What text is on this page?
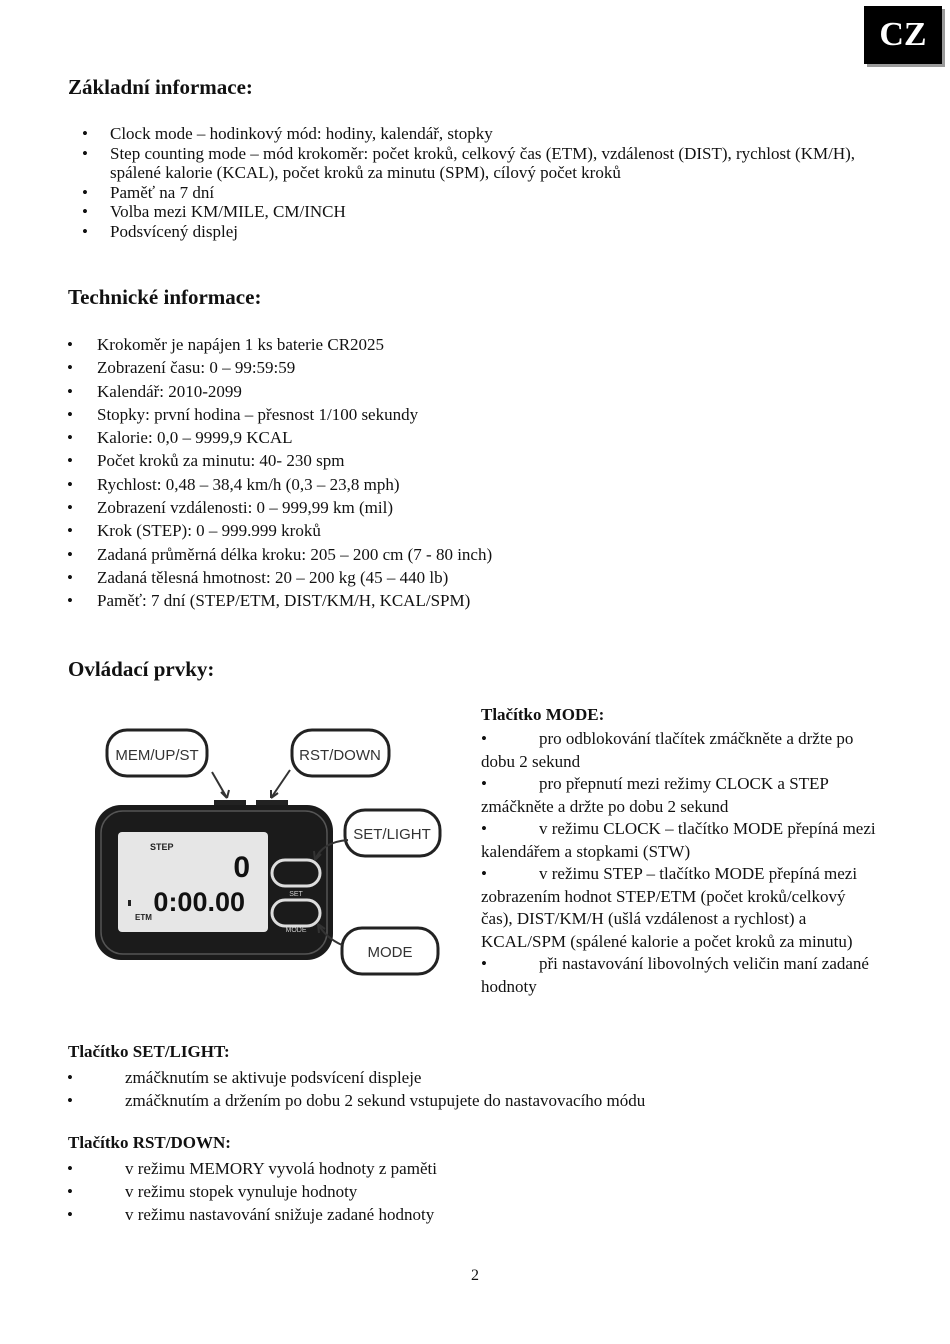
CZ
Základní informace:
• Clock mode – hodinkový mód: hodiny, kalendář, stopky
• Step counting mode – mód krokoměr: počet kroků, celkový čas (ETM), vzdálenost (DIST), rychlost (KM/H), spálené kalorie (KCAL), počet kroků za minutu (SPM), cílový počet kroků
• Paměť na 7 dní
• Volba mezi KM/MILE, CM/INCH
• Podsvícený displej
Technické informace:
• Krokoměr je napájen 1 ks baterie CR2025
• Zobrazení času: 0 – 99:59:59
• Kalendář: 2010-2099
• Stopky: první hodina – přesnost 1/100 sekundy
• Kalorie: 0,0 – 9999,9 KCAL
• Počet kroků za minutu: 40- 230 spm
• Rychlost: 0,48 – 38,4 km/h (0,3 – 23,8 mph)
• Zobrazení vzdálenosti: 0 – 999,99 km (mil)
• Krok (STEP): 0 – 999.999 kroků
• Zadaná průměrná délka kroku: 205 – 200 cm (7 - 80 inch)
• Zadaná tělesná hmotnost: 20 – 200 kg (45 – 440 lb)
• Paměť: 7 dní (STEP/ETM, DIST/KM/H, KCAL/SPM)
Ovládací prvky:
MEM/UP/ST	RST/DOWN
STEP
0
0:00.00
ETM
SET
MODE
SET/LIGHT
MODE
Tlačítko MODE:
•	pro odblokování tlačítek zmáčkněte a držte po dobu 2 sekund
•	pro přepnutí mezi režimy CLOCK a STEP zmáčkněte a držte po dobu 2 sekund
•	v režimu CLOCK – tlačítko MODE přepíná mezi kalendářem a stopkami (STW)
•	v režimu STEP – tlačítko MODE přepíná mezi zobrazením hodnot STEP/ETM (počet kroků/celkový čas), DIST/KM/H (ušlá vzdálenost a rychlost) a KCAL/SPM (spálené kalorie a počet kroků za minutu)
•	při nastavování libovolných veličin maní zadané hodnoty
Tlačítko SET/LIGHT:
• zmáčknutím se aktivuje podsvícení displeje
• zmáčknutím a držením po dobu 2 sekund vstupujete do nastavovacího módu
Tlačítko RST/DOWN:
• v režimu MEMORY vyvolá hodnoty z paměti
• v režimu stopek vynuluje hodnoty
• v režimu nastavování snižuje zadané hodnoty
2
